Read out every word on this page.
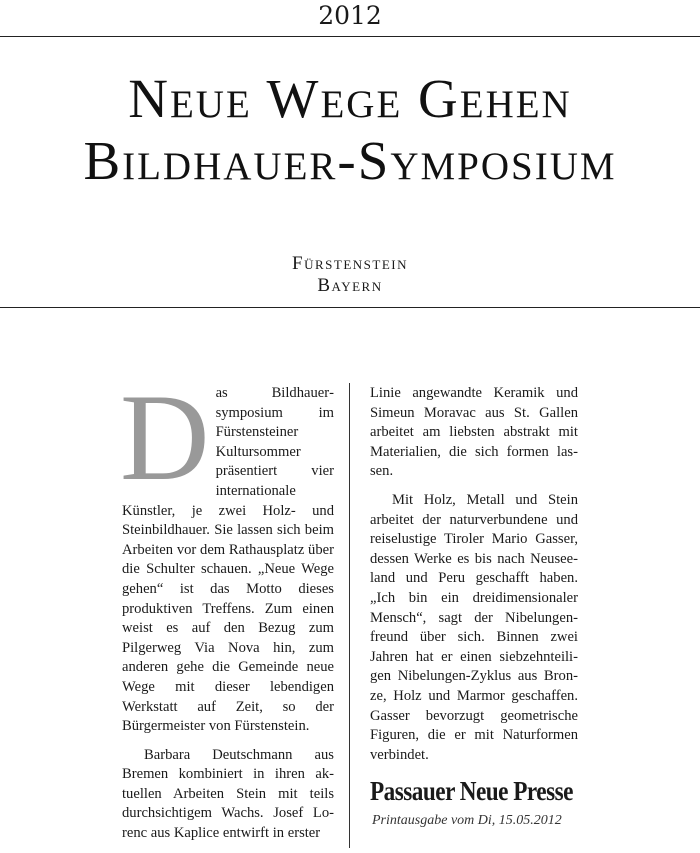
2012
Neue Wege Gehen
Bildhauer-Symposium
Fürstenstein
Bayern

Das Bildhauersymposium im Fürstensteiner Kultursommer präsentiert vier internationale Künstler, je zwei Holz- und Steinbildhauer. Sie lassen sich beim Arbeiten vor dem Rathausplatz über die Schulter schauen. „Neue Wege gehen“ ist das Motto dieses produktiven Treffens. Zum einen weist es auf den Bezug zum Pilgerweg Via Nova hin, zum anderen gehe die Gemeinde neue Wege mit dieser lebendigen Werkstatt auf Zeit, so der Bürgermeister von Fürstenstein.

Barbara Deutschmann aus Bremen kombiniert in ihren aktuellen Arbeiten Stein mit teils durchsichtigem Wachs. Josef Lorenc aus Kaplice entwirft in erster

Linie angewandte Keramik und Simeun Moravac aus St. Gallen arbeitet am liebsten abstrakt mit Materialien, die sich formen lassen.

Mit Holz, Metall und Stein arbeitet der naturverbundene und reiselustige Tiroler Mario Gasser, dessen Werke es bis nach Neuseeland und Peru geschafft haben. „Ich bin ein dreidimensionaler Mensch“, sagt der Nibelungenfreund über sich. Binnen zwei Jahren hat er einen siebzehnteiligen Nibelungen-Zyklus aus Bronze, Holz und Marmor geschaffen. Gasser bevorzugt geometrische Figuren, die er mit Naturformen verbindet.

Passauer Neue Presse
Printausgabe vom Di, 15.05.2012
